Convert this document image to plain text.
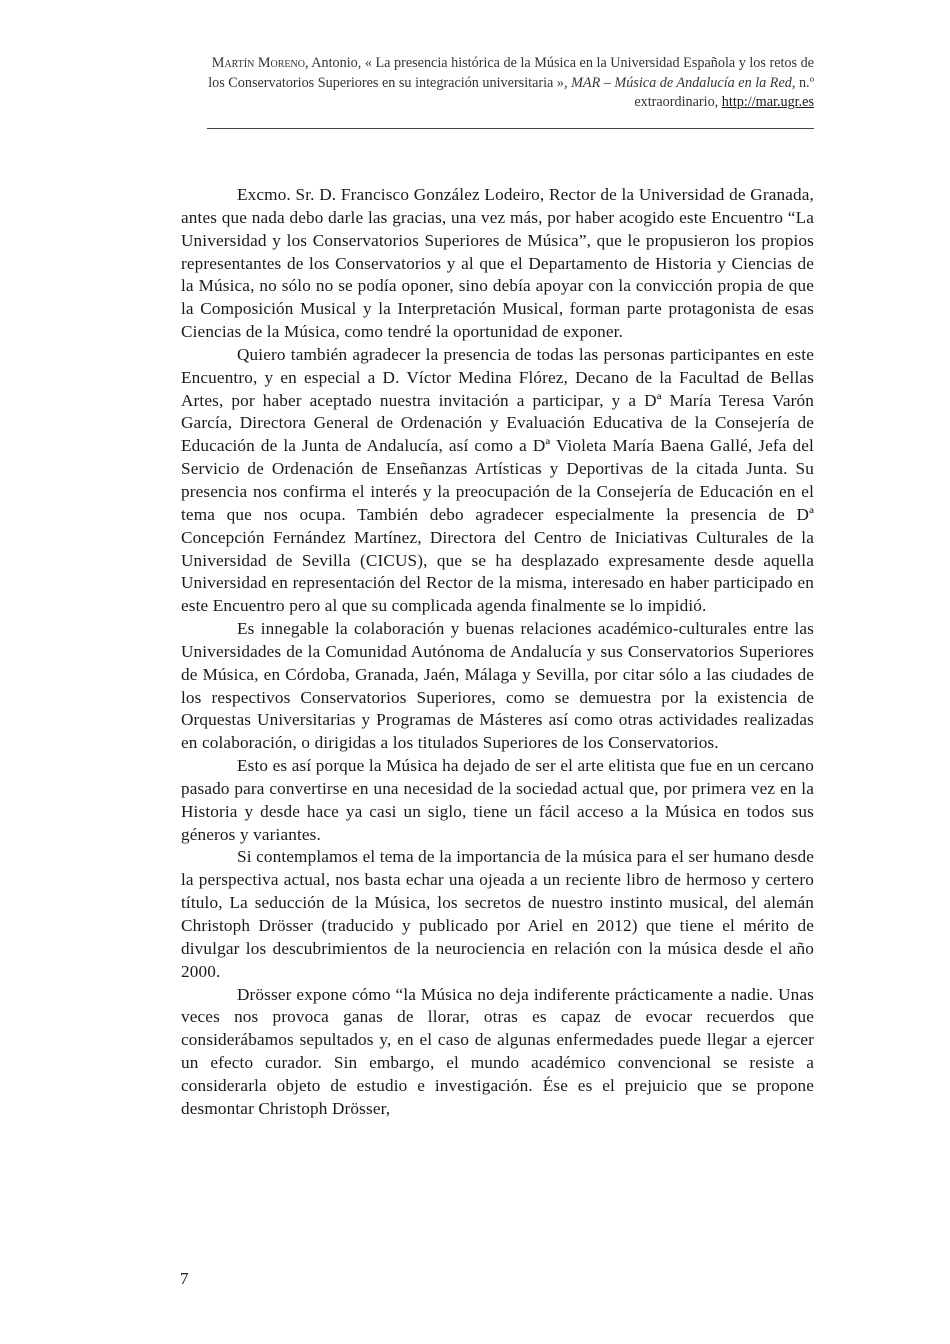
Martín Moreno, Antonio, « La presencia histórica de la Música en la Universidad Española y los retos de los Conservatorios Superiores en su integración universitaria », MAR – Música de Andalucía en la Red, n.º extraordinario, http://mar.ugr.es

Excmo. Sr. D. Francisco González Lodeiro, Rector de la Universidad de Granada, antes que nada debo darle las gracias, una vez más, por haber acogido este Encuentro “La Universidad y los Conservatorios Superiores de Música”, que le propusieron los propios representantes de los Conservatorios y al que el Departamento de Historia y Ciencias de la Música, no sólo no se podía oponer, sino debía apoyar con la convicción propia de que la Composición Musical y la Interpretación Musical, forman parte protagonista de esas Ciencias de la Música, como tendré la oportunidad de exponer.

Quiero también agradecer la presencia de todas las personas participantes en este Encuentro, y en especial a D. Víctor Medina Flórez, Decano de la Facultad de Bellas Artes, por haber aceptado nuestra invitación a participar, y a Dª María Teresa Varón García, Directora General de Ordenación y Evaluación Educativa de la Consejería de Educación de la Junta de Andalucía, así como a Dª Violeta María Baena Gallé, Jefa del Servicio de Ordenación de Enseñanzas Artísticas y Deportivas de la citada Junta. Su presencia nos confirma el interés y la preocupación de la Consejería de Educación en el tema que nos ocupa. También debo agradecer especialmente la presencia de Dª Concepción Fernández Martínez, Directora del Centro de Iniciativas Culturales de la Universidad de Sevilla (CICUS), que se ha desplazado expresamente desde aquella Universidad en representación del Rector de la misma, interesado en haber participado en este Encuentro pero al que su complicada agenda finalmente se lo impidió.

Es innegable la colaboración y buenas relaciones académico-culturales entre las Universidades de la Comunidad Autónoma de Andalucía y sus Conservatorios Superiores de Música, en Córdoba, Granada, Jaén, Málaga y Sevilla, por citar sólo a las ciudades de los respectivos Conservatorios Superiores, como se demuestra por la existencia de Orquestas Universitarias y Programas de Másteres así como otras actividades realizadas en colaboración, o dirigidas a los titulados Superiores de los Conservatorios.

Esto es así porque la Música ha dejado de ser el arte elitista que fue en un cercano pasado para convertirse en una necesidad de la sociedad actual que, por primera vez en la Historia y desde hace ya casi un siglo, tiene un fácil acceso a la Música en todos sus géneros y variantes.

Si contemplamos el tema de la importancia de la música para el ser humano desde la perspectiva actual, nos basta echar una ojeada a un reciente libro de hermoso y certero título, La seducción de la Música, los secretos de nuestro instinto musical, del alemán Christoph Drösser (traducido y publicado por Ariel en 2012) que tiene el mérito de divulgar los descubrimientos de la neurociencia en relación con la música desde el año 2000.

Drösser expone cómo “la Música no deja indiferente prácticamente a nadie. Unas veces nos provoca ganas de llorar, otras es capaz de evocar recuerdos que considerábamos sepultados y, en el caso de algunas enfermedades puede llegar a ejercer un efecto curador. Sin embargo, el mundo académico convencional se resiste a considerarla objeto de estudio e investigación. Ése es el prejuicio que se propone desmontar Christoph Drösser,

7
